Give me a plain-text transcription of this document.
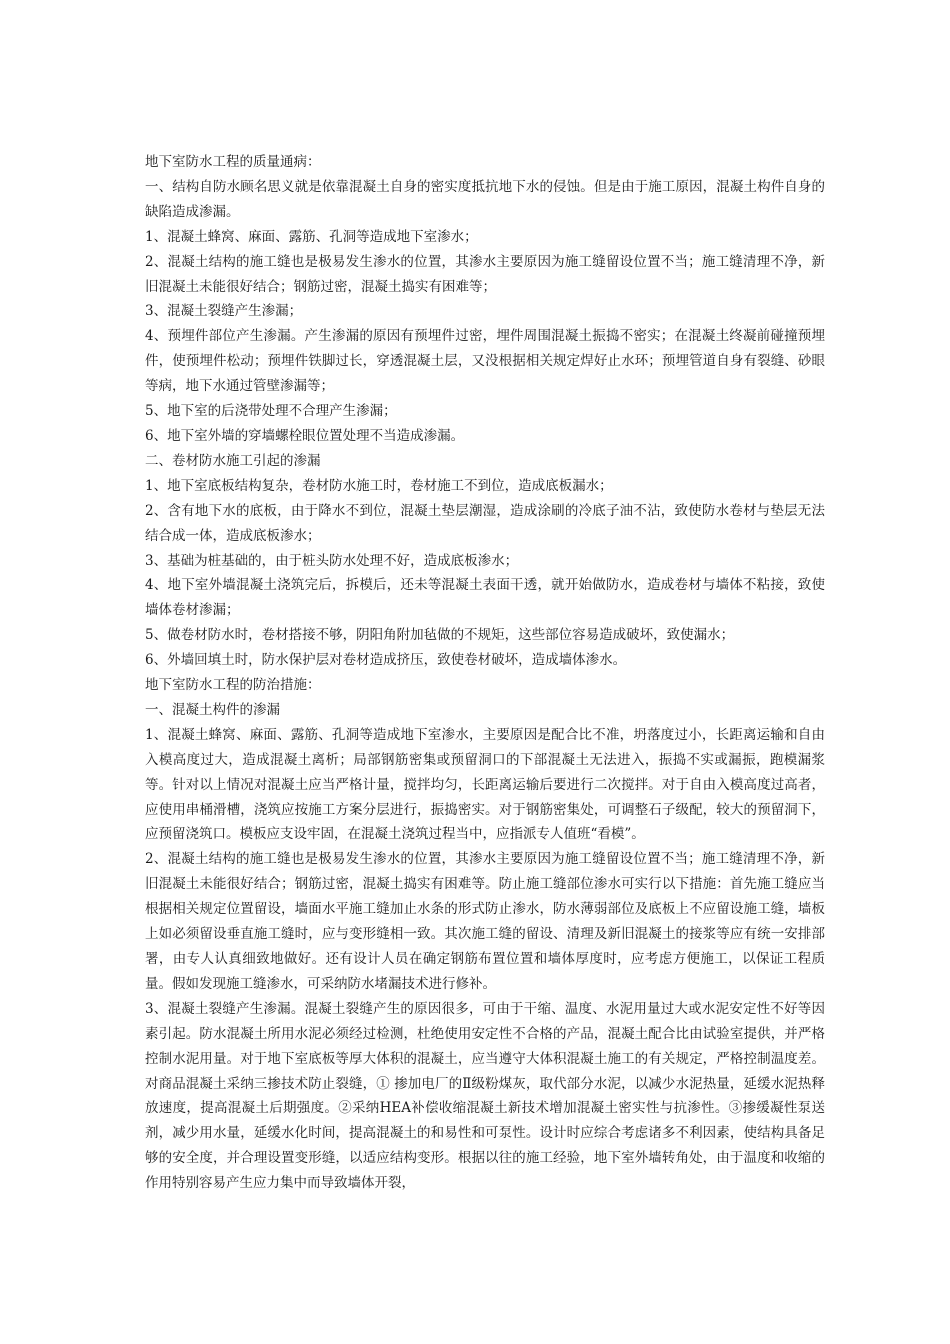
地下室防水工程的质量通病：

一、结构自防水顾名思义就是依靠混凝土自身的密实度抵抗地下水的侵蚀。但是由于施工原因，混凝土构件自身的缺陷造成渗漏。

1、混凝土蜂窝、麻面、露筋、孔洞等造成地下室渗水；

2、混凝土结构的施工缝也是极易发生渗水的位置，其渗水主要原因为施工缝留设位置不当；施工缝清理不净，新旧混凝土未能很好结合；钢筋过密，混凝土捣实有困难等；

3、混凝土裂缝产生渗漏；

4、预埋件部位产生渗漏。产生渗漏的原因有预埋件过密，埋件周围混凝土振捣不密实；在混凝土终凝前碰撞预埋件，使预埋件松动；预埋件铁脚过长，穿透混凝土层，又没根据相关规定焊好止水环；预埋管道自身有裂缝、砂眼等病，地下水通过管壁渗漏等；

5、地下室的后浇带处理不合理产生渗漏；

6、地下室外墙的穿墙螺栓眼位置处理不当造成渗漏。

二、卷材防水施工引起的渗漏

1、地下室底板结构复杂，卷材防水施工时，卷材施工不到位，造成底板漏水；

2、含有地下水的底板，由于降水不到位，混凝土垫层潮湿，造成涂刷的冷底子油不沾，致使防水卷材与垫层无法结合成一体，造成底板渗水；

3、基础为桩基础的，由于桩头防水处理不好，造成底板渗水；

4、地下室外墙混凝土浇筑完后，拆模后，还未等混凝土表面干透，就开始做防水，造成卷材与墙体不粘接，致使墙体卷材渗漏；

5、做卷材防水时，卷材搭接不够，阴阳角附加毡做的不规矩，这些部位容易造成破坏，致使漏水；

6、外墙回填土时，防水保护层对卷材造成挤压，致使卷材破坏，造成墙体渗水。

地下室防水工程的防治措施：

一、混凝土构件的渗漏

1、混凝土蜂窝、麻面、露筋、孔洞等造成地下室渗水，主要原因是配合比不准，坍落度过小，长距离运输和自由入模高度过大，造成混凝土离析；局部钢筋密集或预留洞口的下部混凝土无法进入，振捣不实或漏振，跑模漏浆等。针对以上情况对混凝土应当严格计量，搅拌均匀，长距离运输后要进行二次搅拌。对于自由入模高度过高者，应使用串桶滑槽，浇筑应按施工方案分层进行，振捣密实。对于钢筋密集处，可调整石子级配，较大的预留洞下，应预留浇筑口。模板应支设牢固，在混凝土浇筑过程当中，应指派专人值班“看模”。

2、混凝土结构的施工缝也是极易发生渗水的位置，其渗水主要原因为施工缝留设位置不当；施工缝清理不净，新旧混凝土未能很好结合；钢筋过密，混凝土捣实有困难等。防止施工缝部位渗水可实行以下措施：首先施工缝应当根据相关规定位置留设，墙面水平施工缝加止水条的形式防止渗水，防水薄弱部位及底板上不应留设施工缝，墙板上如必须留设垂直施工缝时，应与变形缝相一致。其次施工缝的留设、清理及新旧混凝土的接浆等应有统一安排部署，由专人认真细致地做好。还有设计人员在确定钢筋布置位置和墙体厚度时，应考虑方便施工，以保证工程质量。假如发现施工缝渗水，可采纳防水堵漏技术进行修补。

3、混凝土裂缝产生渗漏。混凝土裂缝产生的原因很多，可由于干缩、温度、水泥用量过大或水泥安定性不好等因素引起。防水混凝土所用水泥必须经过检测，杜绝使用安定性不合格的产品，混凝土配合比由试验室提供，并严格控制水泥用量。对于地下室底板等厚大体积的混凝土，应当遵守大体积混凝土施工的有关规定，严格控制温度差。对商品混凝土采纳三掺技术防止裂缝，① 掺加电厂的Ⅱ级粉煤灰，取代部分水泥，以减少水泥热量，延缓水泥热释放速度，提高混凝土后期强度。②采纳HEA补偿收缩混凝土新技术增加混凝土密实性与抗渗性。③掺缓凝性泵送剂，减少用水量，延缓水化时间，提高混凝土的和易性和可泵性。设计时应综合考虑诸多不利因素，使结构具备足够的安全度，并合理设置变形缝，以适应结构变形。根据以往的施工经验，地下室外墙转角处，由于温度和收缩的作用特别容易产生应力集中而导致墙体开裂，
